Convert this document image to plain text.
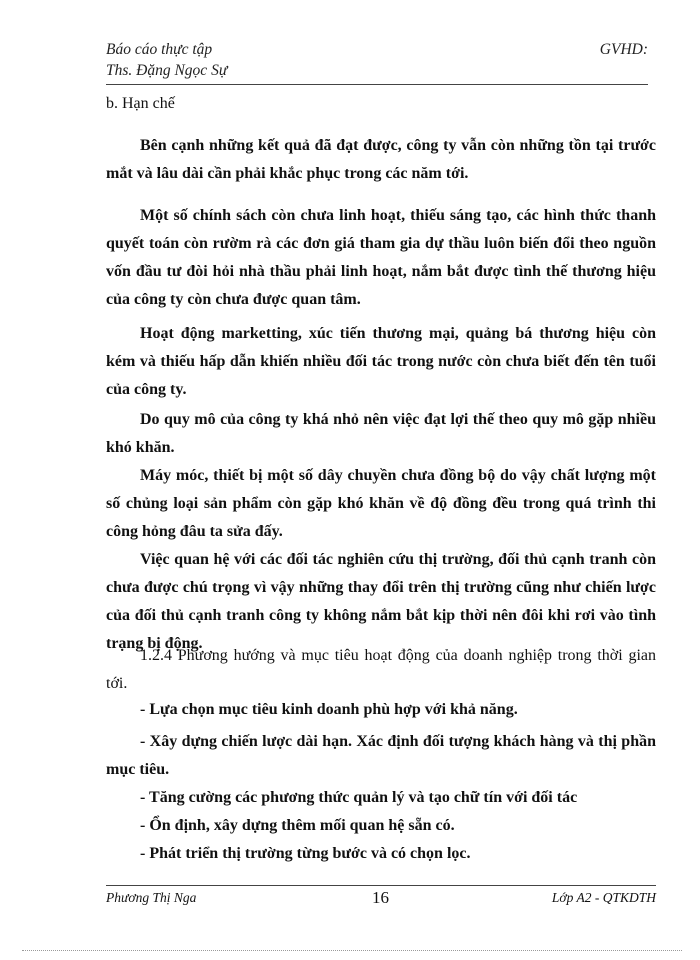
Báo cáo thực tập
Ths. Đặng Ngọc Sự
GVHD:
b. Hạn chế
Bên cạnh những kết quả đã đạt được, công ty vẫn còn những tồn tại trước mắt và lâu dài cần phải khắc phục trong các năm tới.
Một số chính sách còn chưa linh hoạt, thiếu sáng tạo, các hình thức thanh quyết toán còn rườm rà các đơn giá tham gia dự thầu luôn biến đổi theo nguồn vốn đầu tư đòi hỏi nhà thầu phải linh hoạt, nắm bắt được tình thế thương hiệu của công ty còn chưa được quan tâm.
Hoạt động marketting, xúc tiến thương mại, quảng bá thương hiệu còn kém và thiếu hấp dẫn khiến nhiều đối tác trong nước còn chưa biết đến tên tuổi của công ty.
Do quy mô của công ty khá nhỏ nên việc đạt lợi thế theo quy mô gặp nhiều khó khăn.
Máy móc, thiết bị một số dây chuyền chưa đồng bộ do vậy chất lượng một số chủng loại sản phẩm còn gặp khó khăn về độ đồng đều trong quá trình thi công hỏng đâu ta sửa đấy.
Việc quan hệ với các đối tác nghiên cứu thị trường, đối thủ cạnh tranh còn chưa được chú trọng vì vậy những thay đổi trên thị trường cũng như chiến lược của đối thủ cạnh tranh công ty không nắm bắt kịp thời nên đôi khi rơi vào tình trạng bị động.
1.2.4 Phương hướng và mục tiêu hoạt động của doanh nghiệp trong thời gian tới.
- Lựa chọn mục tiêu kinh doanh phù hợp với khả năng.
- Xây dựng chiến lược dài hạn. Xác định đối tượng khách hàng và thị phần mục tiêu.
- Tăng cường các phương thức quản lý và tạo chữ tín với đối tác
- Ổn định, xây dựng thêm mối quan hệ sẵn có.
- Phát triển thị trường từng bước và có chọn lọc.
Phương Thị Nga	16	Lớp A2 - QTKDTH
